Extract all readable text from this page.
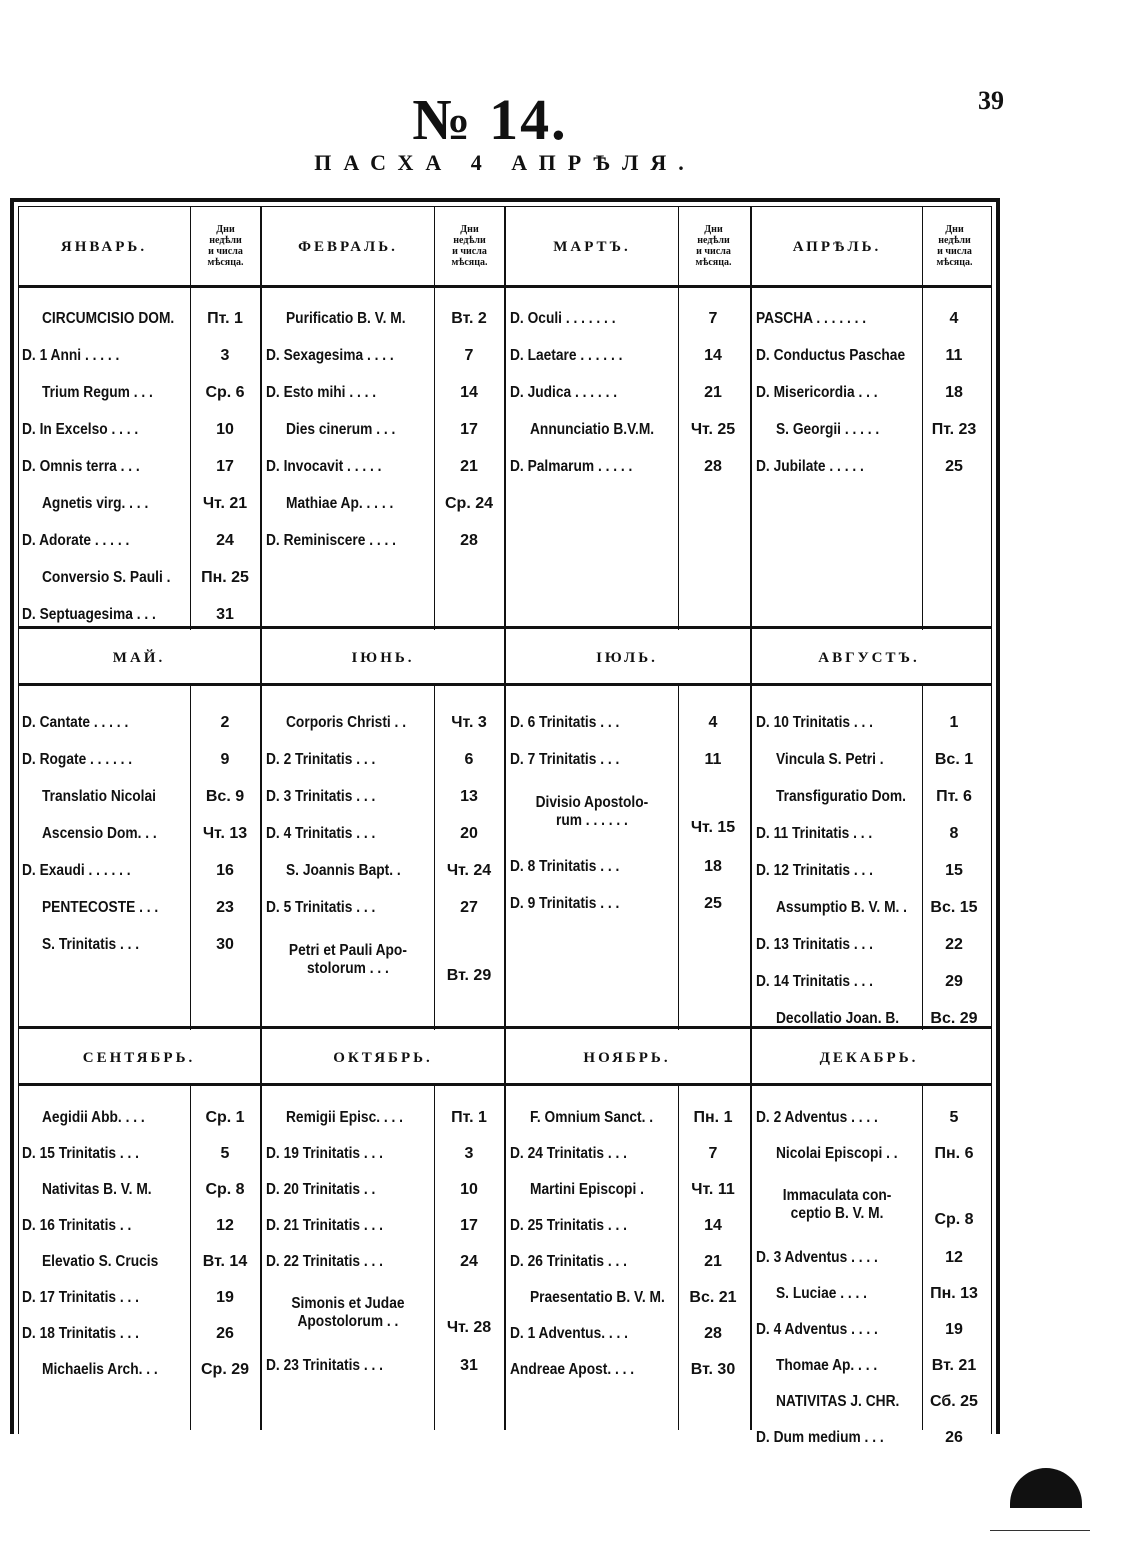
39
№ 14.
ПАСХА 4 АПРѢЛЯ.
ЯНВАРЬ.
Дни
недѣли
и числа
мѣсяца.
ФЕВРАЛЬ.
Дни
недѣли
и числа
мѣсяца.
МАРТЪ.
Дни
недѣли
и числа
мѣсяца.
АПРѢЛЬ.
Дни
недѣли
и числа
мѣсяца.
CIRCUMCISIO DOM.	Пт. 1
D. 1 Anni . . . . .	3
Trium Regum . . .	Ср. 6
D. In Excelso . . . .	10
D. Omnis terra . . .	17
Agnetis virg. . . .	Чт. 21
D. Adorate . . . . .	24
Conversio S. Pauli .	Пн. 25
D. Septuagesima . . .	31
Purificatio B. V. M.	Вт. 2
D. Sexagesima . . . .	7
D. Esto mihi . . . .	14
Dies cinerum . . .	17
D. Invocavit . . . . .	21
Mathiae Ap. . . . .	Ср. 24
D. Reminiscere . . . .	28
D. Oculi . . . . . . .	7
D. Laetare . . . . . .	14
D. Judica . . . . . .	21
Annunciatio B.V.M.	Чт. 25
D. Palmarum . . . . .	28
PASCHA . . . . . . .	4
D. Conductus Paschae	11
D. Misericordia . . .	18
S. Georgii . . . . .	Пт. 23
D. Jubilate . . . . .	25
МАЙ.	IЮНЬ.	IЮЛЬ.	АВГУСТЪ.
D. Cantate . . . . .	2
D. Rogate . . . . . .	9
Translatio Nicolai	Вс. 9
Ascensio Dom. . .	Чт. 13
D. Exaudi . . . . . .	16
PENTECOSTE . . .	23
S. Trinitatis . . .	30
Corporis Christi . .	Чт. 3
D. 2 Trinitatis . . .	6
D. 3 Trinitatis . . .	13
D. 4 Trinitatis . . .	20
S. Joannis Bapt. .	Чт. 24
D. 5 Trinitatis . . .	27
Petri et Pauli Apo-
stolorum . . .	Вт. 29
D. 6 Trinitatis . . .	4
D. 7 Trinitatis . . .	11
Divisio Apostolo-
rum . . . . . .	Чт. 15
D. 8 Trinitatis . . .	18
D. 9 Trinitatis . . .	25
D. 10 Trinitatis . . .	1
Vincula S. Petri .	Вс. 1
Transfiguratio Dom.	Пт. 6
D. 11 Trinitatis . . .	8
D. 12 Trinitatis . . .	15
Assumptio B. V. M. .	Вс. 15
D. 13 Trinitatis . . .	22
D. 14 Trinitatis . . .	29
Decollatio Joan. B.	Вс. 29
СЕНТЯБРЬ.	ОКТЯБРЬ.	НОЯБРЬ.	ДЕКАБРЬ.
Aegidii Abb. . . .	Ср. 1
D. 15 Trinitatis . . .	5
Nativitas B. V. M.	Ср. 8
D. 16 Trinitatis . .	12
Elevatio S. Crucis	Вт. 14
D. 17 Trinitatis . . .	19
D. 18 Trinitatis . . .	26
Michaelis Arch. . .	Ср. 29
Remigii Episc. . . .	Пт. 1
D. 19 Trinitatis . . .	3
D. 20 Trinitatis . .	10
D. 21 Trinitatis . . .	17
D. 22 Trinitatis . . .	24
Simonis et Judae
Apostolorum . .	Чт. 28
D. 23 Trinitatis . . .	31
F. Omnium Sanct. .	Пн. 1
D. 24 Trinitatis . . .	7
Martini Episcopi .	Чт. 11
D. 25 Trinitatis . . .	14
D. 26 Trinitatis . . .	21
Praesentatio B. V. M.	Вс. 21
D. 1 Adventus. . . .	28
Andreae Apost. . . .	Вт. 30
D. 2 Adventus . . . .	5
Nicolai Episcopi . .	Пн. 6
Immaculata con-
ceptio B. V. M.	Ср. 8
D. 3 Adventus . . . .	12
S. Luciae . . . .	Пн. 13
D. 4 Adventus . . . .	19
Thomae Ap. . . .	Вт. 21
NATIVITAS J. CHR.	Сб. 25
D. Dum medium . . .	26
